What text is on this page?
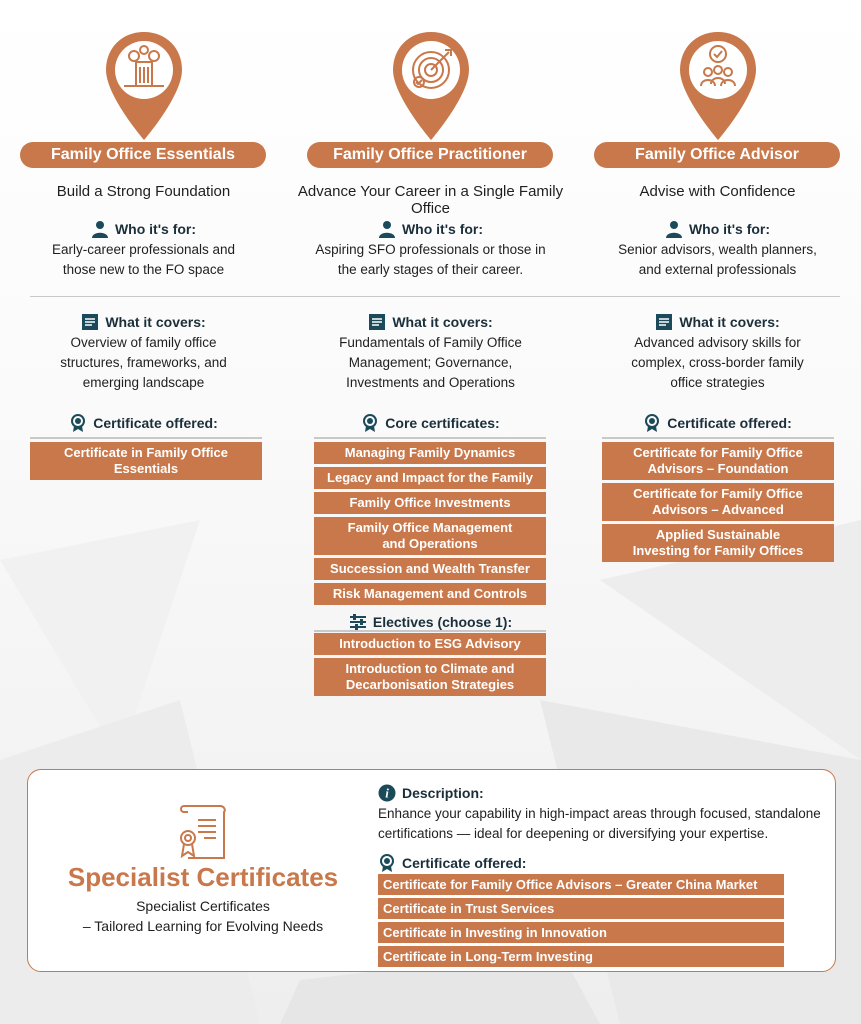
Family Office Essentials
Build a Strong Foundation
Who it's for:
Early-career professionals and
those new to the FO space
What it covers:
Overview of family office
structures, frameworks, and
emerging landscape
Certificate offered:
Certificate in Family Office
Essentials
Family Office Practitioner
Advance Your Career in a Single Family Office
Who it's for:
Aspiring SFO professionals or those in
the early stages of their career.
What it covers:
Fundamentals of Family Office
Management; Governance,
Investments and Operations
Core certificates:
Managing Family Dynamics
Legacy and Impact for the Family
Family Office Investments
Family Office Management
and Operations
Succession and Wealth Transfer
Risk Management and Controls
Electives (choose 1):
Introduction to ESG Advisory
Introduction to Climate and
Decarbonisation Strategies
Family Office Advisor
Advise with Confidence
Who it's for:
Senior advisors, wealth planners,
and external professionals
What it covers:
Advanced advisory skills for
complex, cross-border family
office strategies
Certificate offered:
Certificate for Family Office
Advisors – Foundation
Certificate for Family Office
Advisors – Advanced
Applied Sustainable
Investing for Family Offices
Specialist Certificates
Specialist Certificates
– Tailored Learning for Evolving Needs
i Description:
Enhance your capability in high-impact areas through focused, standalone
certifications — ideal for deepening or diversifying your expertise.
Certificate offered:
Certificate for Family Office Advisors – Greater China Market
Certificate in Trust Services
Certificate in Investing in Innovation
Certificate in Long-Term Investing
